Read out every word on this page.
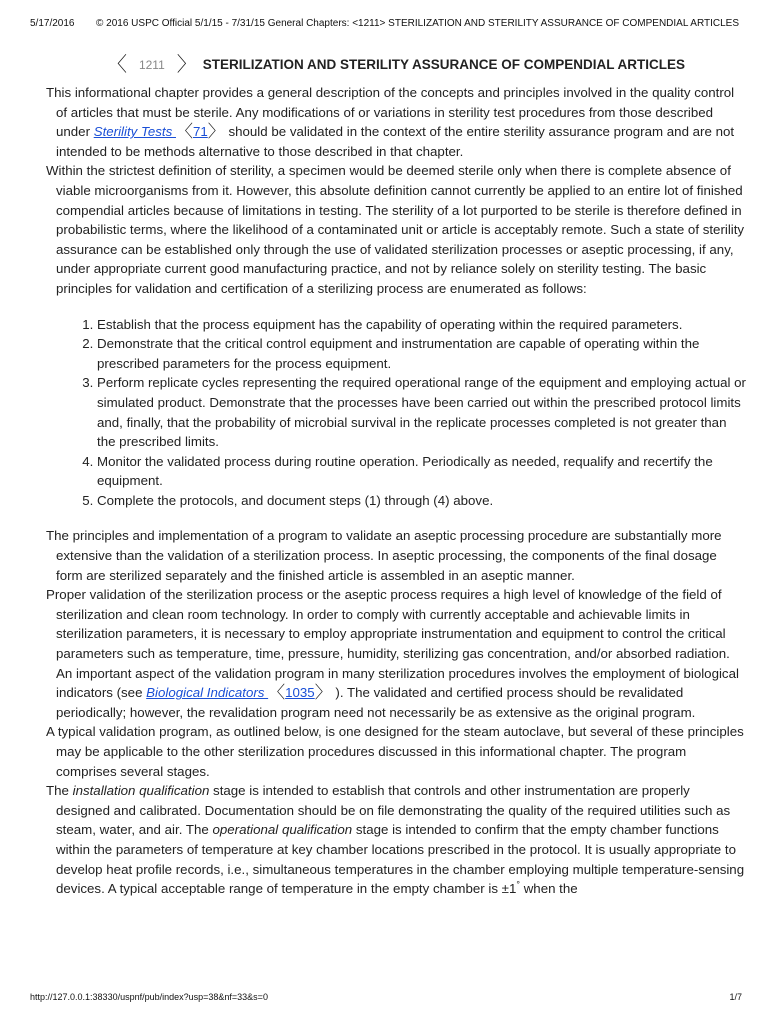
5/17/2016 © 2016 USPC Official 5/1/15 - 7/31/15 General Chapters: <1211> STERILIZATION AND STERILITY ASSURANCE OF COMPENDIAL ARTICLES
〈 1211 〉 STERILIZATION AND STERILITY ASSURANCE OF COMPENDIAL ARTICLES

This informational chapter provides a general description of the concepts and principles involved in the quality control of articles that must be sterile. Any modifications of or variations in sterility test procedures from those described under Sterility Tests 〈71〉 should be validated in the context of the entire sterility assurance program and are not intended to be methods alternative to those described in that chapter.

Within the strictest definition of sterility, a specimen would be deemed sterile only when there is complete absence of viable microorganisms from it. However, this absolute definition cannot currently be applied to an entire lot of finished compendial articles because of limitations in testing. The sterility of a lot purported to be sterile is therefore defined in probabilistic terms, where the likelihood of a contaminated unit or article is acceptably remote. Such a state of sterility assurance can be established only through the use of validated sterilization processes or aseptic processing, if any, under appropriate current good manufacturing practice, and not by reliance solely on sterility testing. The basic principles for validation and certification of a sterilizing process are enumerated as follows:

1. Establish that the process equipment has the capability of operating within the required parameters.
2. Demonstrate that the critical control equipment and instrumentation are capable of operating within the prescribed parameters for the process equipment.
3. Perform replicate cycles representing the required operational range of the equipment and employing actual or simulated product. Demonstrate that the processes have been carried out within the prescribed protocol limits and, finally, that the probability of microbial survival in the replicate processes completed is not greater than the prescribed limits.
4. Monitor the validated process during routine operation. Periodically as needed, requalify and recertify the equipment.
5. Complete the protocols, and document steps (1) through (4) above.

The principles and implementation of a program to validate an aseptic processing procedure are substantially more extensive than the validation of a sterilization process. In aseptic processing, the components of the final dosage form are sterilized separately and the finished article is assembled in an aseptic manner.

Proper validation of the sterilization process or the aseptic process requires a high level of knowledge of the field of sterilization and clean room technology. In order to comply with currently acceptable and achievable limits in sterilization parameters, it is necessary to employ appropriate instrumentation and equipment to control the critical parameters such as temperature, time, pressure, humidity, sterilizing gas concentration, and/or absorbed radiation. An important aspect of the validation program in many sterilization procedures involves the employment of biological indicators (see Biological Indicators 〈1035〉 ). The validated and certified process should be revalidated periodically; however, the revalidation program need not necessarily be as extensive as the original program.

A typical validation program, as outlined below, is one designed for the steam autoclave, but several of these principles may be applicable to the other sterilization procedures discussed in this informational chapter. The program comprises several stages.

The installation qualification stage is intended to establish that controls and other instrumentation are properly designed and calibrated. Documentation should be on file demonstrating the quality of the required utilities such as steam, water, and air. The operational qualification stage is intended to confirm that the empty chamber functions within the parameters of temperature at key chamber locations prescribed in the protocol. It is usually appropriate to develop heat profile records, i.e., simultaneous temperatures in the chamber employing multiple temperature-sensing devices. A typical acceptable range of temperature in the empty chamber is ±1° when the

http://127.0.0.1:38330/uspnf/pub/index?usp=38&nf=33&s=0	1/7
